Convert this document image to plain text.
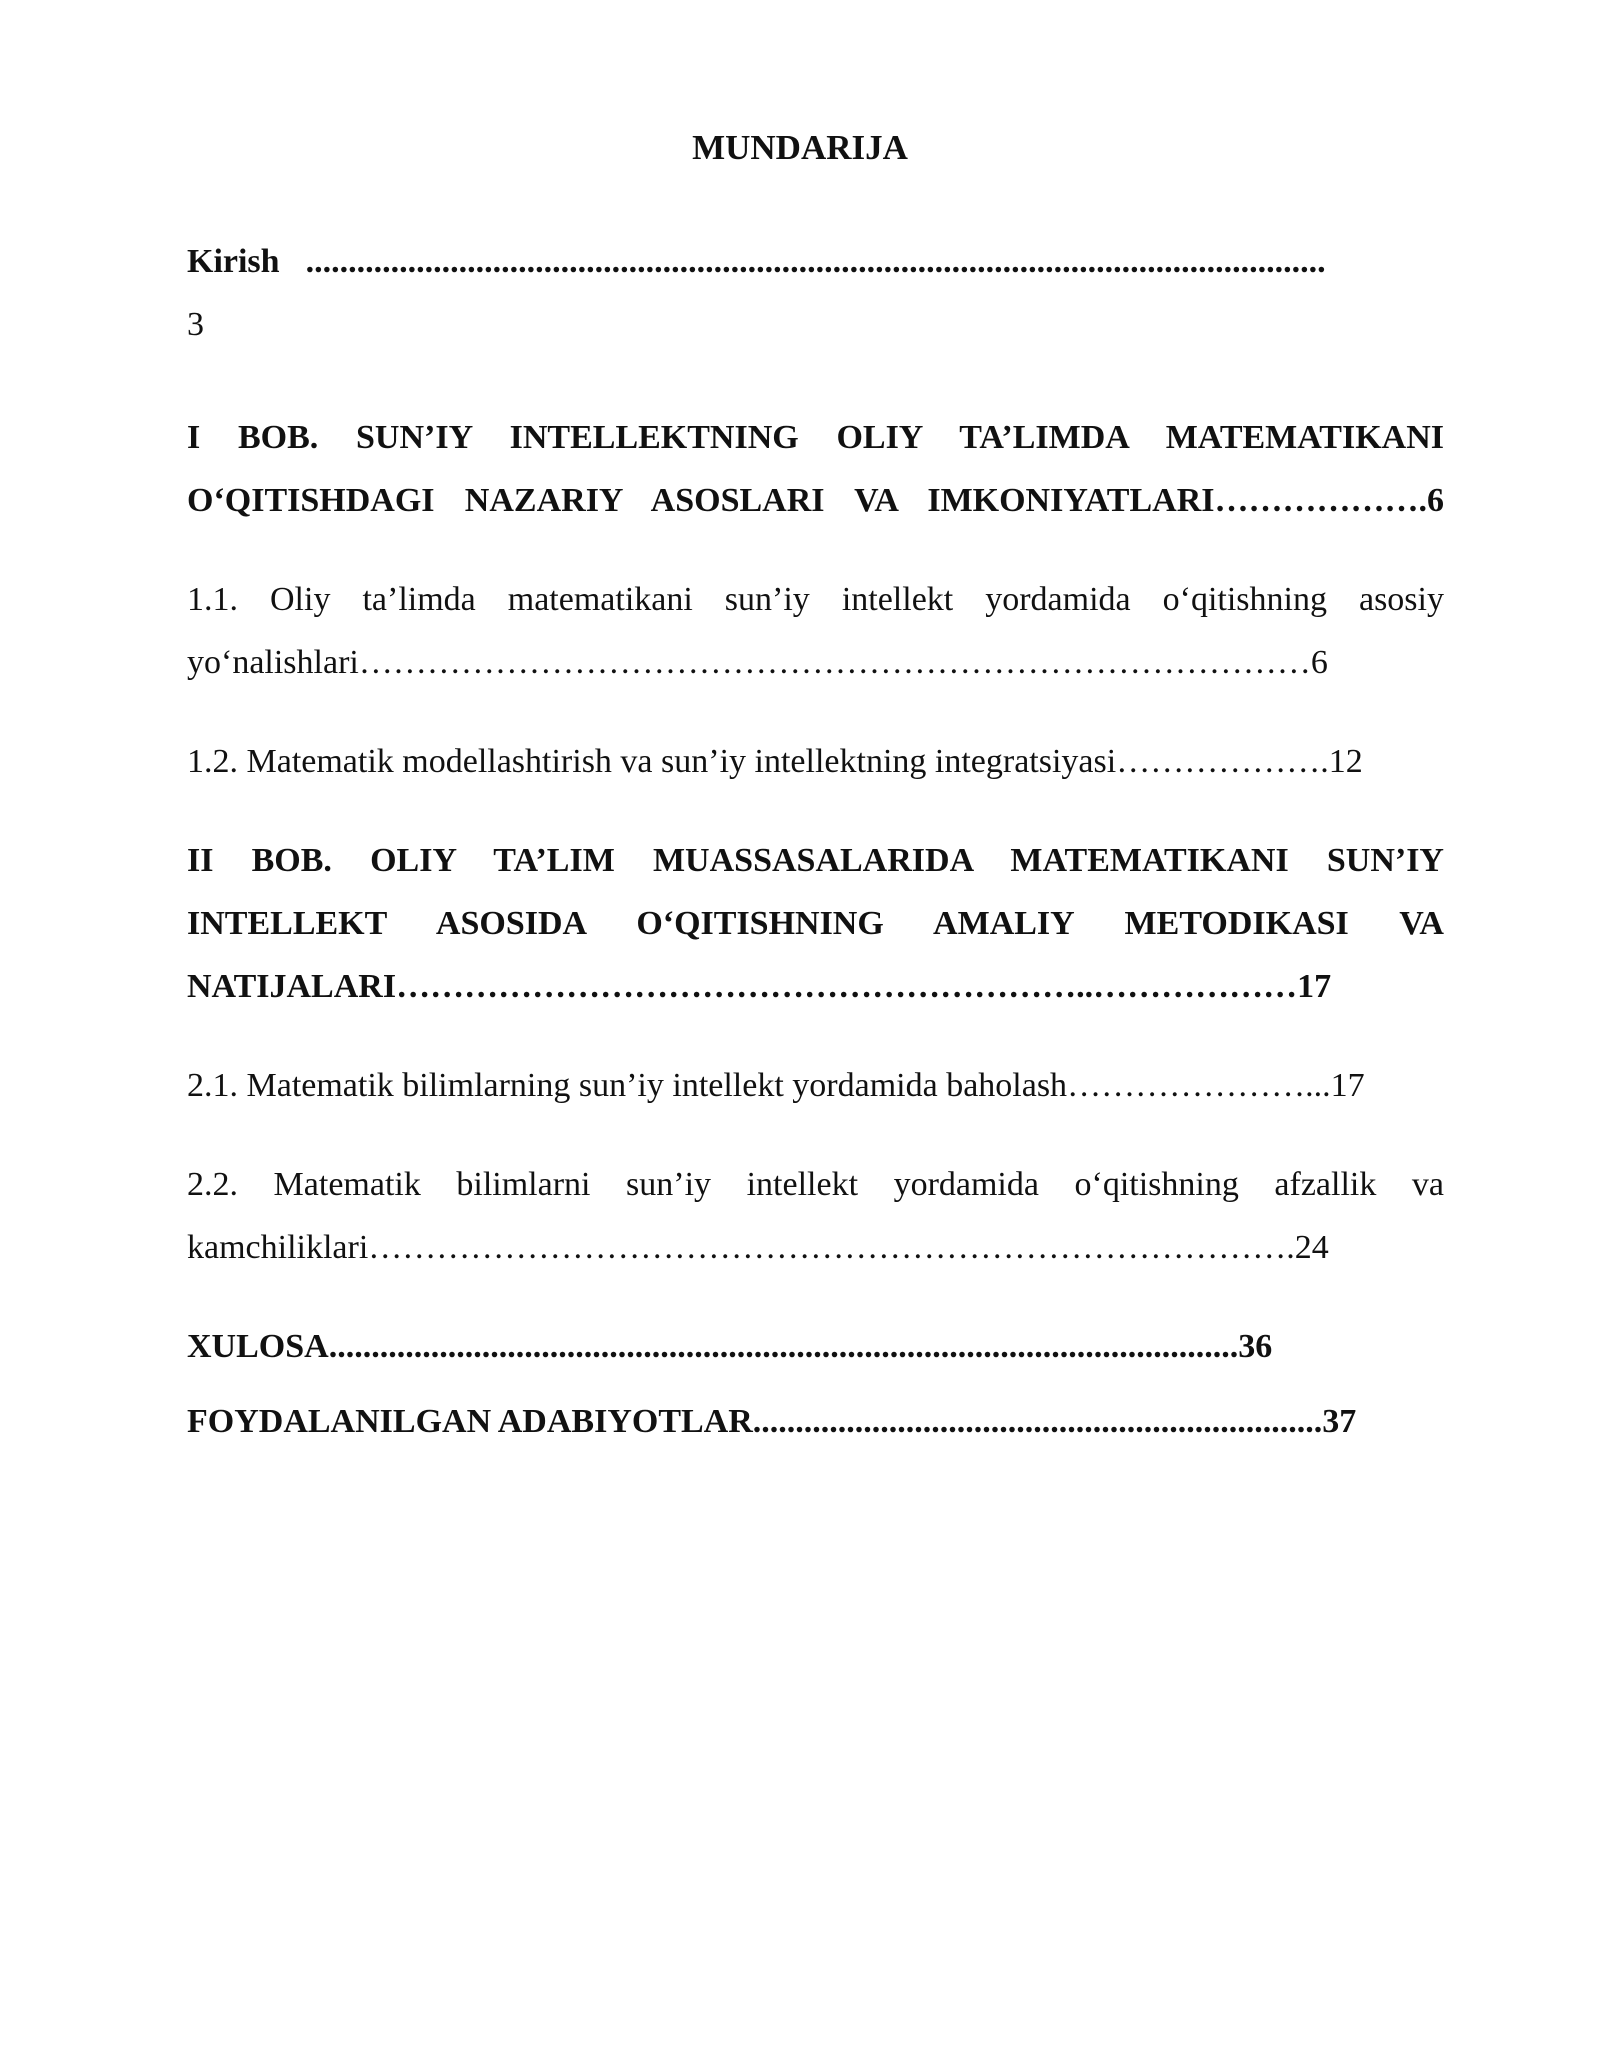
MUNDARIJA
Kirish ........................................................................................................................
3
I BOB. SUN’IY INTELLEKTNING OLIY TA’LIMDA MATEMATIKANI O‘QITISHDAGI NAZARIY ASOSLARI VA IMKONIYATLARI……………….6
1.1. Oliy ta’limda matematikani sun’iy intellekt yordamida o‘qitishning asosiy yo‘nalishlari…………………………………………………………………………6
1.2. Matematik modellashtirish va sun’iy intellektning integratsiyasi……………….12
II BOB. OLIY TA’LIM MUASSASALARIDA MATEMATIKANI SUN’IY INTELLEKT ASOSIDA O‘QITISHNING AMALIY METODIKASI VA NATIJALARI……………………………………………………..………………17
2.1. Matematik bilimlarning sun’iy intellekt yordamida baholash…………………...17
2.2. Matematik bilimlarni sun’iy intellekt yordamida o‘qitishning afzallik va kamchiliklari……………………………………………………………………….24
XULOSA...........................................................................................................36
FOYDALANILGAN ADABIYOTLAR...................................................................37
